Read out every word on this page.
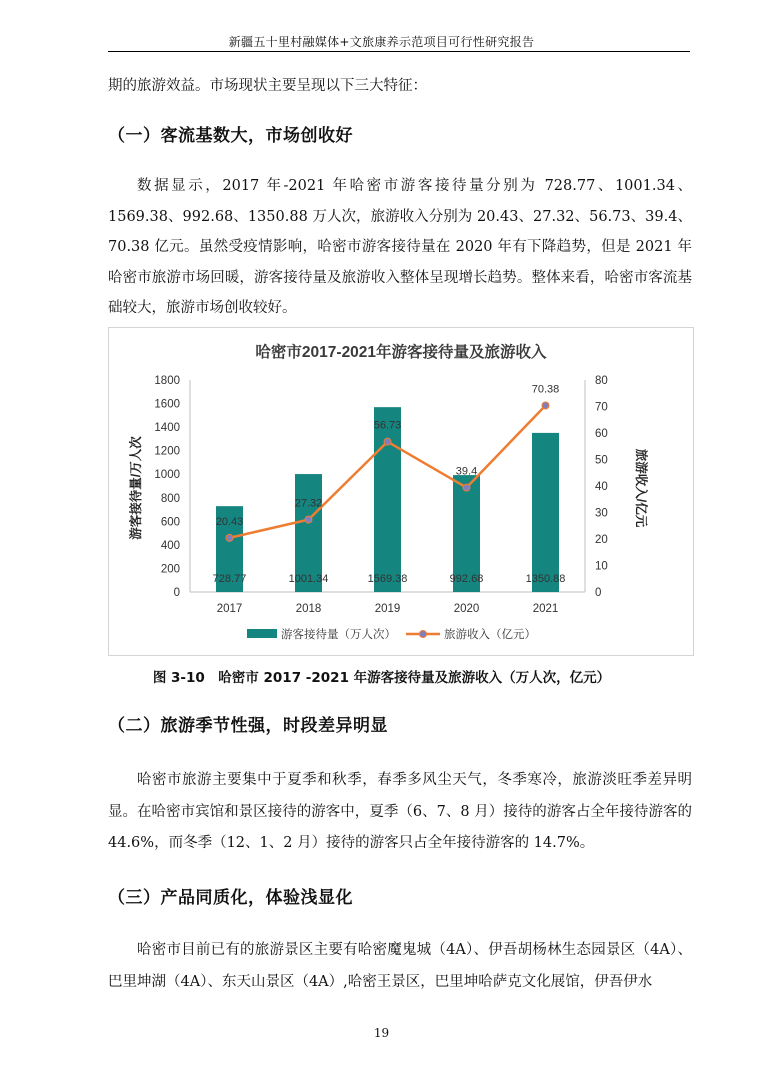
新疆五十里村融媒体+文旅康养示范项目可行性研究报告
期的旅游效益。市场现状主要呈现以下三大特征：
（一）客流基数大，市场创收好
数据显示，2017 年-2021 年哈密市游客接待量分别为 728.77、1001.34、1569.38、992.68、1350.88 万人次，旅游收入分别为 20.43、27.32、56.73、39.4、70.38 亿元。虽然受疫情影响，哈密市游客接待量在 2020 年有下降趋势，但是 2021 年哈密市旅游市场回暖，游客接待量及旅游收入整体呈现增长趋势。整体来看，哈密市客流基础较大，旅游市场创收较好。
哈密市2017-2021年游客接待量及旅游收入
游客接待量/万人次	旅游收入/亿元
0
200
400
600
800
1000
1200
1400
1600
1800
0
10
20
30
40
50
60
70
80
2017	2018	2019	2020	2021
728.77	1001.34	1569.38	992.68	1350.88
20.43
27.32
56.73
39.4
70.38
游客接待量（万人次）	旅游收入（亿元）
图 3-10　哈密市 2017 -2021 年游客接待量及旅游收入（万人次，亿元）
（二）旅游季节性强，时段差异明显
哈密市旅游主要集中于夏季和秋季，春季多风尘天气，冬季寒冷，旅游淡旺季差异明显。在哈密市宾馆和景区接待的游客中，夏季（6、7、8 月）接待的游客占全年接待游客的 44.6%，而冬季（12、1、2 月）接待的游客只占全年接待游客的 14.7%。
（三）产品同质化，体验浅显化
哈密市目前已有的旅游景区主要有哈密魔鬼城（4A）、伊吾胡杨林生态园景区（4A）、巴里坤湖（4A）、东天山景区（4A）,哈密王景区，巴里坤哈萨克文化展馆，伊吾伊水
19
